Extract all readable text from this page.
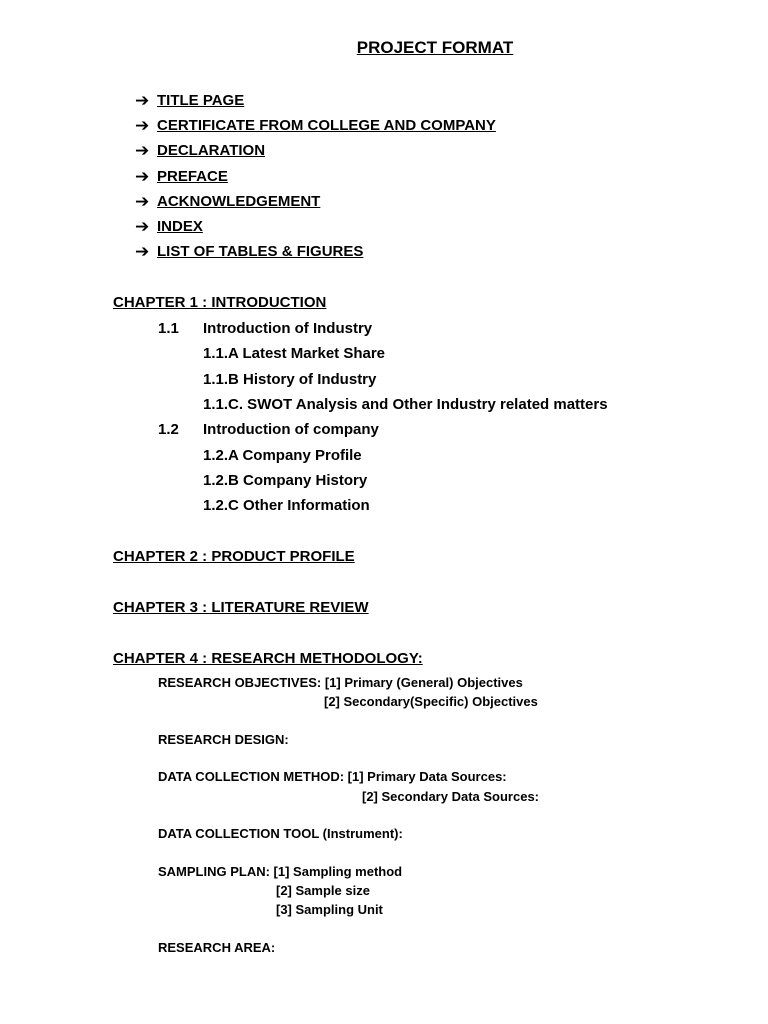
PROJECT FORMAT
➔ TITLE PAGE
➔ CERTIFICATE FROM COLLEGE AND COMPANY
➔ DECLARATION
➔ PREFACE
➔ ACKNOWLEDGEMENT
➔ INDEX
➔ LIST OF TABLES & FIGURES
CHAPTER 1 : INTRODUCTION
1.1 Introduction of Industry
1.1.A Latest Market Share
1.1.B History of Industry
1.1.C. SWOT Analysis and Other Industry related matters
1.2 Introduction of company
1.2.A Company Profile
1.2.B Company History
1.2.C Other Information
CHAPTER 2 : PRODUCT PROFILE
CHAPTER 3 : LITERATURE REVIEW
CHAPTER 4 : RESEARCH METHODOLOGY:
RESEARCH OBJECTIVES: [1] Primary (General) Objectives
[2] Secondary(Specific) Objectives
RESEARCH DESIGN:
DATA COLLECTION METHOD: [1] Primary Data Sources:
[2] Secondary Data Sources:
DATA COLLECTION TOOL (Instrument):
SAMPLING PLAN: [1] Sampling method
[2] Sample size
[3] Sampling Unit
RESEARCH AREA:
